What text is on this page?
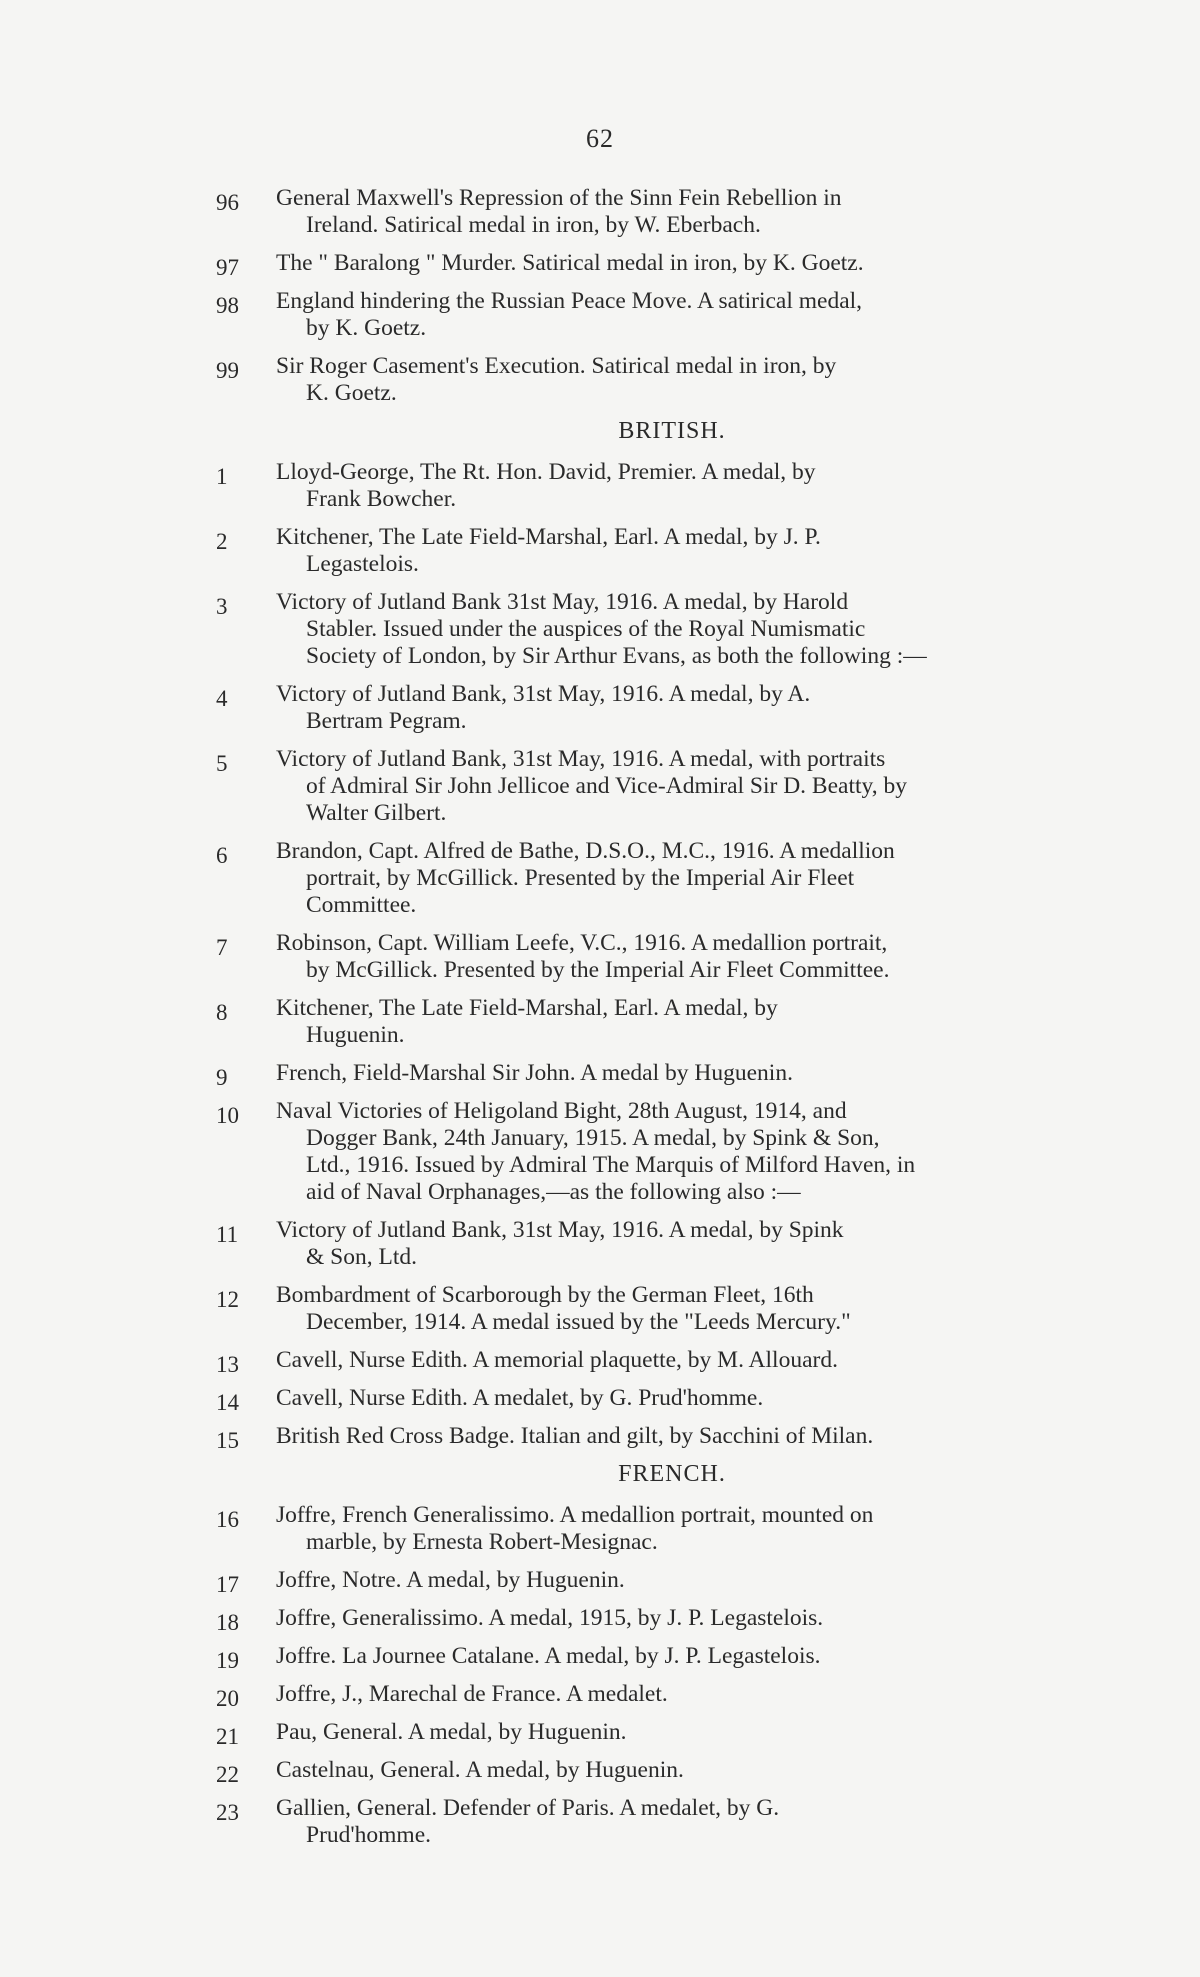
62
96	General Maxwell's Repression of the Sinn Fein Rebellion in
Ireland. Satirical medal in iron, by W. Eberbach.
97	The " Baralong " Murder. Satirical medal in iron, by K. Goetz.
98	England hindering the Russian Peace Move. A satirical medal,
by K. Goetz.
99	Sir Roger Casement's Execution. Satirical medal in iron, by
K. Goetz.
BRITISH.
1	Lloyd-George, The Rt. Hon. David, Premier. A medal, by
Frank Bowcher.
2	Kitchener, The Late Field-Marshal, Earl. A medal, by J. P.
Legastelois.
3	Victory of Jutland Bank 31st May, 1916. A medal, by Harold
Stabler. Issued under the auspices of the Royal Numismatic
Society of London, by Sir Arthur Evans, as both the following :—
4	Victory of Jutland Bank, 31st May, 1916. A medal, by A.
Bertram Pegram.
5	Victory of Jutland Bank, 31st May, 1916. A medal, with portraits
of Admiral Sir John Jellicoe and Vice-Admiral Sir D. Beatty, by
Walter Gilbert.
6	Brandon, Capt. Alfred de Bathe, D.S.O., M.C., 1916. A medallion
portrait, by McGillick. Presented by the Imperial Air Fleet
Committee.
7	Robinson, Capt. William Leefe, V.C., 1916. A medallion portrait,
by McGillick. Presented by the Imperial Air Fleet Committee.
8	Kitchener, The Late Field-Marshal, Earl. A medal, by
Huguenin.
9	French, Field-Marshal Sir John. A medal by Huguenin.
10	Naval Victories of Heligoland Bight, 28th August, 1914, and
Dogger Bank, 24th January, 1915. A medal, by Spink & Son,
Ltd., 1916. Issued by Admiral The Marquis of Milford Haven, in
aid of Naval Orphanages,—as the following also :—
11	Victory of Jutland Bank, 31st May, 1916. A medal, by Spink
& Son, Ltd.
12	Bombardment of Scarborough by the German Fleet, 16th
December, 1914. A medal issued by the "Leeds Mercury."
13	Cavell, Nurse Edith. A memorial plaquette, by M. Allouard.
14	Cavell, Nurse Edith. A medalet, by G. Prud'homme.
15	British Red Cross Badge. Italian and gilt, by Sacchini of Milan.
FRENCH.
16	Joffre, French Generalissimo. A medallion portrait, mounted on
marble, by Ernesta Robert-Mesignac.
17	Joffre, Notre. A medal, by Huguenin.
18	Joffre, Generalissimo. A medal, 1915, by J. P. Legastelois.
19	Joffre. La Journee Catalane. A medal, by J. P. Legastelois.
20	Joffre, J., Marechal de France. A medalet.
21	Pau, General. A medal, by Huguenin.
22	Castelnau, General. A medal, by Huguenin.
23	Gallien, General. Defender of Paris. A medalet, by G.
Prud'homme.
